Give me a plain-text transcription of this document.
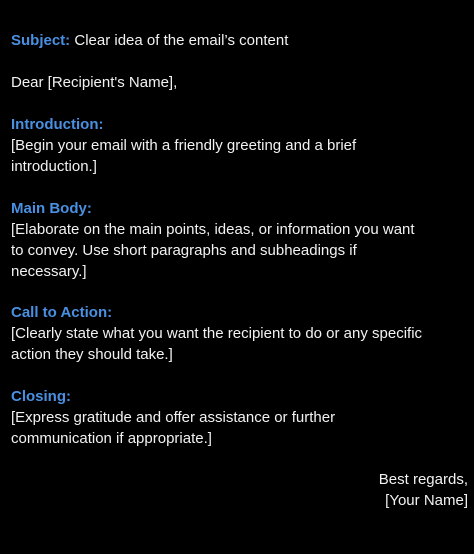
Subject: Clear idea of the email’s content
Dear [Recipient's Name],
Introduction:
[Begin your email with a friendly greeting and a brief
introduction.]
Main Body:
[Elaborate on the main points, ideas, or information you want
to convey. Use short paragraphs and subheadings if
necessary.]
Call to Action:
[Clearly state what you want the recipient to do or any specific
action they should take.]
Closing:
[Express gratitude and offer assistance or further
communication if appropriate.]
Best regards,
[Your Name]
